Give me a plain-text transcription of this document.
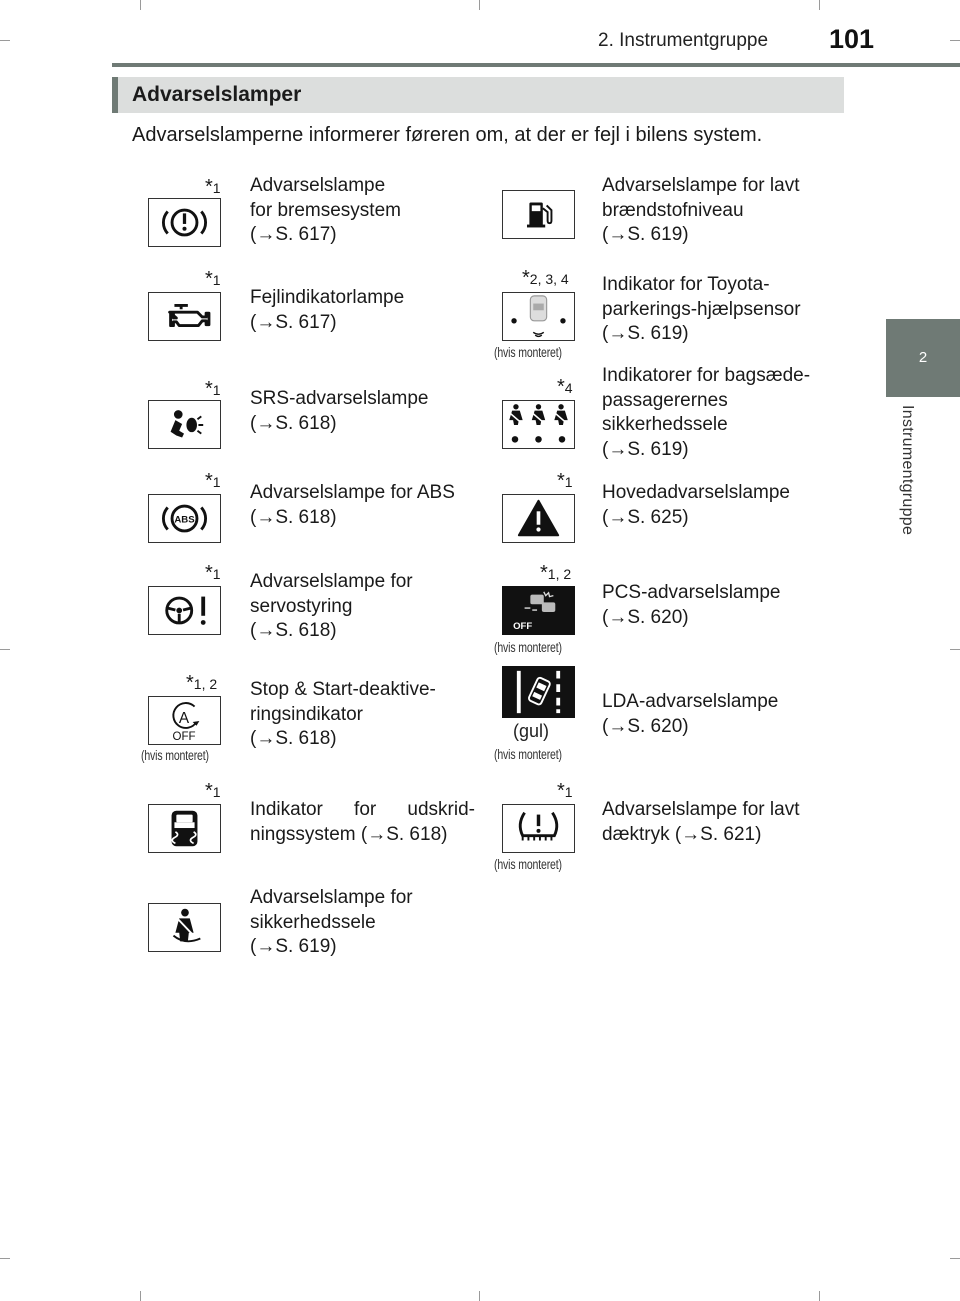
2. Instrumentgruppe 101
2
Instrumentgruppe
Advarselslamper
Advarselslamperne informerer føreren om, at der er fejl i bilens system.
*1 Advarselslampe
for bremsesystem
(→S. 617)
Advarselslampe for lavt
brændstofniveau
(→S. 619)
*1
Fejlindikatorlampe
(→S. 617)
*2, 3, 4
(hvis monteret)
Indikator for Toyota-
parkerings-hjælpsensor
(→S. 619)
*1 SRS-advarselslampe
(→S. 618)
*4
Indikatorer for bagsæde-
passagerernes
sikkerhedssele
(→S. 619)
*1
ABS
Advarselslampe for ABS
(→S. 618)
*1 Hovedadvarselslampe
(→S. 625)
*1 Advarselslampe for
servostyring
(→S. 618)
*1, 2
OFF
(hvis monteret)
PCS-advarselslampe
(→S. 620)
*1, 2
A
OFF
(hvis monteret)
Stop & Start-deaktive-
ringsindikator
(→S. 618)	(gul)
(hvis monteret)
LDA-advarselslampe
(→S. 620)
*1
Indikator for udskrid-
ningssystem (→S. 618)
*1
(hvis monteret)
Advarselslampe for lavt
dæktryk (→S. 621)
Advarselslampe for
sikkerhedssele
(→S. 619)
